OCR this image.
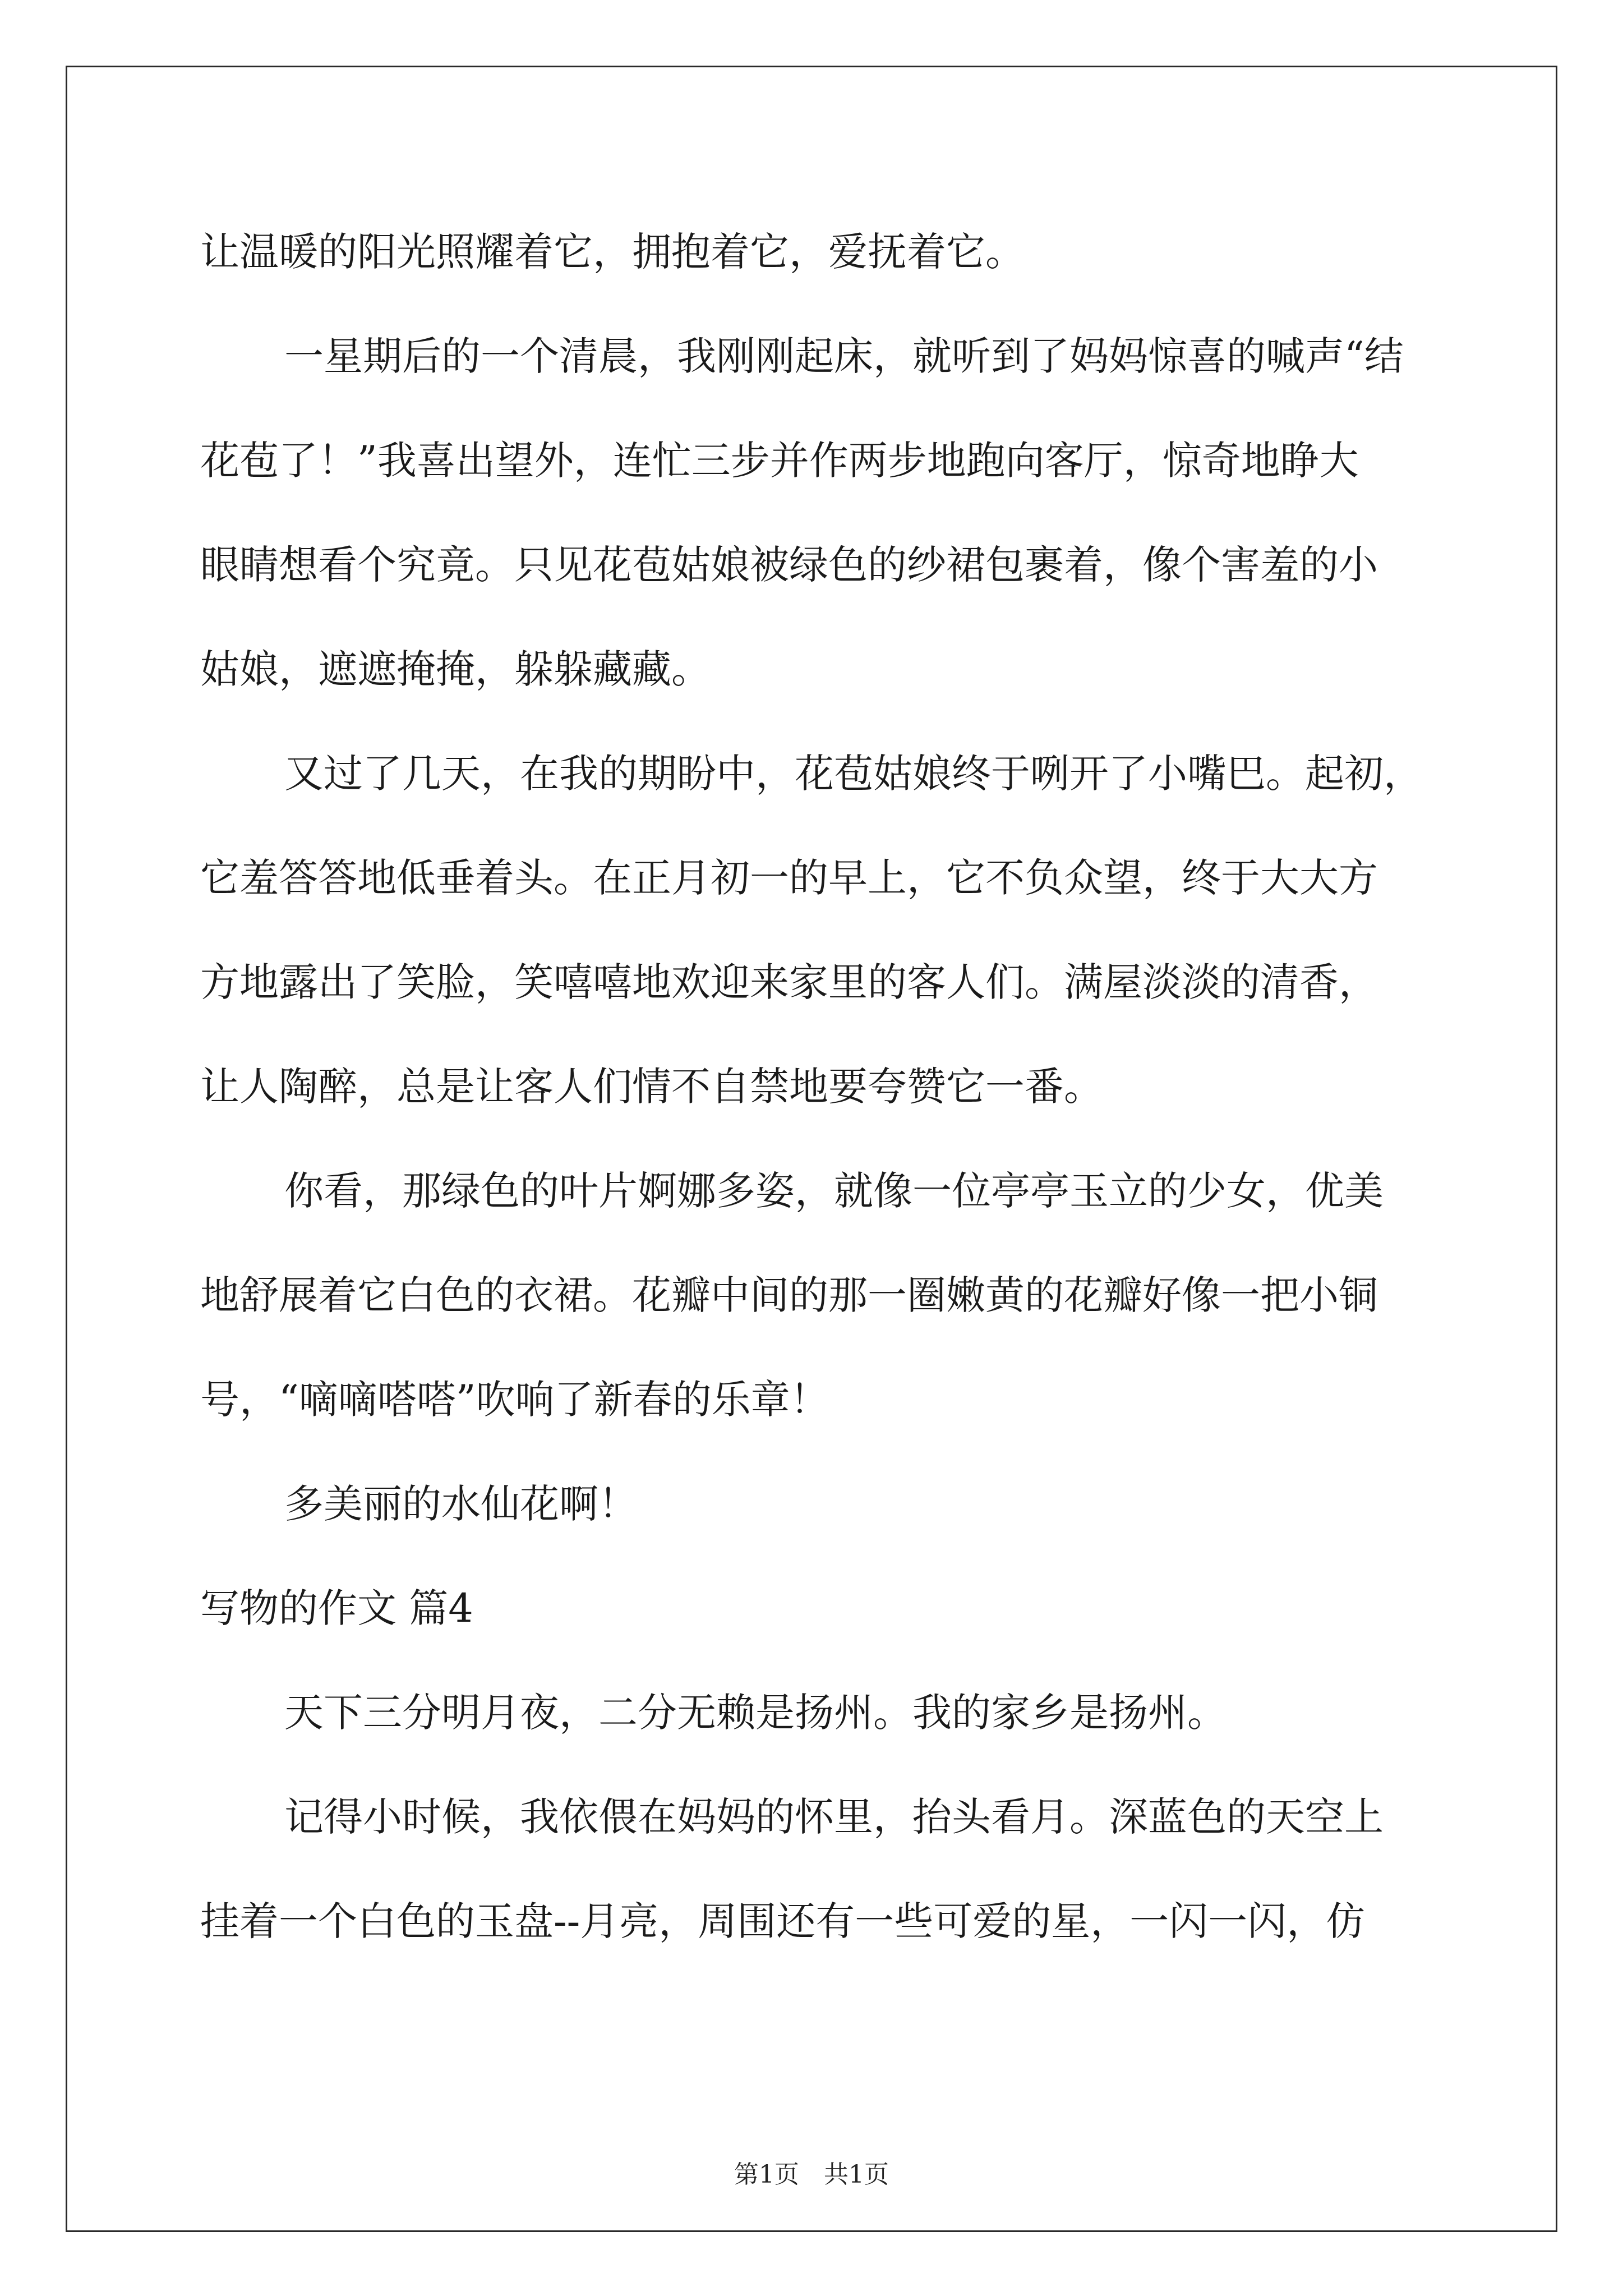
让温暖的阳光照耀着它，拥抱着它，爱抚着它。
一星期后的一个清晨，我刚刚起床，就听到了妈妈惊喜的喊声“结
花苞了！”我喜出望外，连忙三步并作两步地跑向客厅，惊奇地睁大
眼睛想看个究竟。只见花苞姑娘被绿色的纱裙包裹着，像个害羞的小
姑娘，遮遮掩掩，躲躲藏藏。
又过了几天，在我的期盼中，花苞姑娘终于咧开了小嘴巴。起初，
它羞答答地低垂着头。在正月初一的早上，它不负众望，终于大大方
方地露出了笑脸，笑嘻嘻地欢迎来家里的客人们。满屋淡淡的清香，
让人陶醉，总是让客人们情不自禁地要夸赞它一番。
你看，那绿色的叶片婀娜多姿，就像一位亭亭玉立的少女，优美
地舒展着它白色的衣裙。花瓣中间的那一圈嫩黄的花瓣好像一把小铜
号，“嘀嘀嗒嗒”吹响了新春的乐章！
多美丽的水仙花啊！
写物的作文 篇4
天下三分明月夜，二分无赖是扬州。我的家乡是扬州。
记得小时候，我依偎在妈妈的怀里，抬头看月。深蓝色的天空上
挂着一个白色的玉盘--月亮，周围还有一些可爱的星，一闪一闪，仿
第1页 共1页
